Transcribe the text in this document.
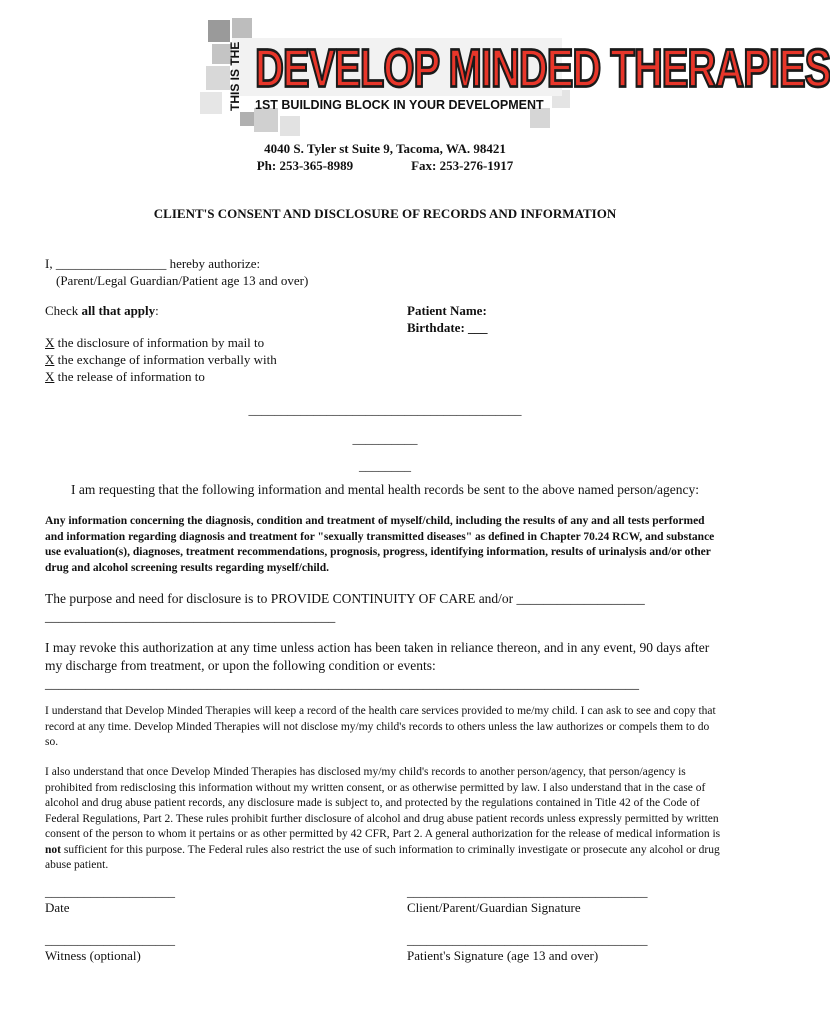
THIS IS THE DEVELOP MINDED THERAPIES
1ST BUILDING BLOCK IN YOUR DEVELOPMENT
4040 S. Tyler st Suite 9, Tacoma, WA. 98421
Ph: 253-365-8989	Fax: 253-276-1917
CLIENT'S CONSENT AND DISCLOSURE OF RECORDS AND INFORMATION
I, _________________ hereby authorize:
(Parent/Legal Guardian/Patient age 13 and over)
Check all that apply:	Patient Name:
Birthdate: ___
X the disclosure of information by mail to
X the exchange of information verbally with
X the release of information to
__________________________________________
__________
________
I am requesting that the following information and mental health records be sent to the above named person/agency:
Any information concerning the diagnosis, condition and treatment of myself/child, including the results of any and all tests performed and information regarding diagnosis and treatment for "sexually transmitted diseases" as defined in Chapter 70.24 RCW, and substance use evaluation(s), diagnoses, treatment recommendations, prognosis, progress, identifying information, results of urinalysis and/or other drug and alcohol screening results regarding myself/child.
The purpose and need for disclosure is to PROVIDE CONTINUITY OF CARE and/or ___________________
___________________________________________
I may revoke this authorization at any time unless action has been taken in reliance thereon, and in any event, 90 days after my discharge from treatment, or upon the following condition or events:
________________________________________________________________________________________
I understand that Develop Minded Therapies will keep a record of the health care services provided to me/my child. I can ask to see and copy that record at any time. Develop Minded Therapies will not disclose my/my child's records to others unless the law authorizes or compels them to do so.
I also understand that once Develop Minded Therapies has disclosed my/my child's records to another person/agency, that person/agency is prohibited from redisclosing this information without my written consent, or as otherwise permitted by law. I also understand that in the case of alcohol and drug abuse patient records, any disclosure made is subject to, and protected by the regulations contained in Title 42 of the Code of Federal Regulations, Part 2. These rules prohibit further disclosure of alcohol and drug abuse patient records unless expressly permitted by written consent of the person to whom it pertains or as other permitted by 42 CFR, Part 2. A general authorization for the release of medical information is not sufficient for this purpose. The Federal rules also restrict the use of such information to criminally investigate or prosecute any alcohol or drug abuse patient.
____________________
Date
_____________________________________
Client/Parent/Guardian Signature
____________________
Witness (optional)
_____________________________________
Patient's Signature (age 13 and over)
